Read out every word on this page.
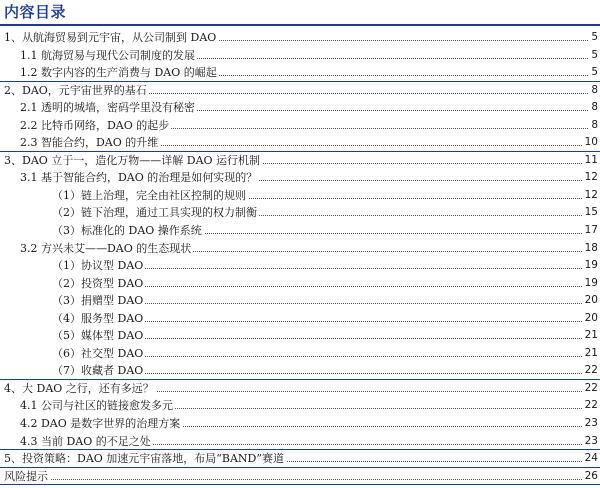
内容目录
1、从航海贸易到元宇宙，从公司制到 DAO	5
1.1 航海贸易与现代公司制度的发展	5
1.2 数字内容的生产消费与 DAO 的崛起	5
2、DAO，元宇宙世界的基石	8
2.1 透明的城墙，密码学里没有秘密	8
2.2 比特币网络，DAO 的起步	8
2.3 智能合约，DAO 的升维	10
3、DAO 立于一，造化万物——详解 DAO 运行机制	11
3.1 基于智能合约，DAO 的治理是如何实现的？	12
（1）链上治理，完全由社区控制的规则	12
（2）链下治理，通过工具实现的权力制衡	15
（3）标准化的 DAO 操作系统	17
3.2 方兴未艾——DAO 的生态现状	18
（1）协议型 DAO	19
（2）投资型 DAO	19
（3）捐赠型 DAO	20
（4）服务型 DAO	20
（5）媒体型 DAO	21
（6）社交型 DAO	21
（7）收藏者 DAO	22
4、大 DAO 之行，还有多远？	22
4.1 公司与社区的链接愈发多元	22
4.2 DAO 是数字世界的治理方案	23
4.3 当前 DAO 的不足之处	23
5、投资策略：DAO 加速元宇宙落地，布局“BAND”赛道	24
风险提示	26
